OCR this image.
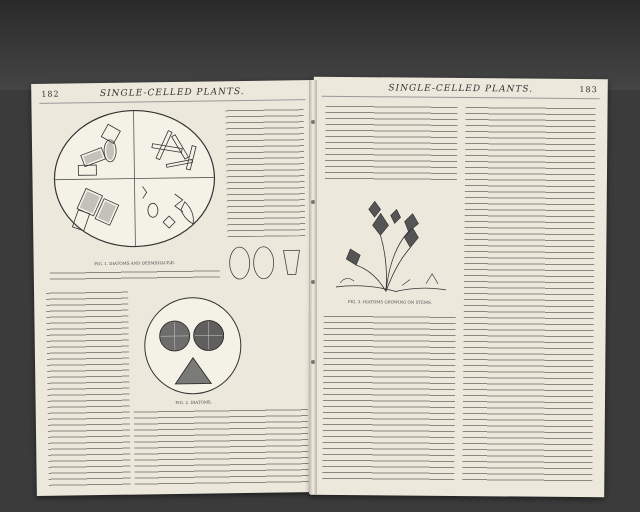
182	SINGLE-CELLED PLANTS.
FIG. 1. DIATOMS AND DESMIDIACEÆ.
FIG. 2. DIATOMS.
SINGLE-CELLED PLANTS.	183
FIG. 3. DIATOMS GROWING ON STEMS.
